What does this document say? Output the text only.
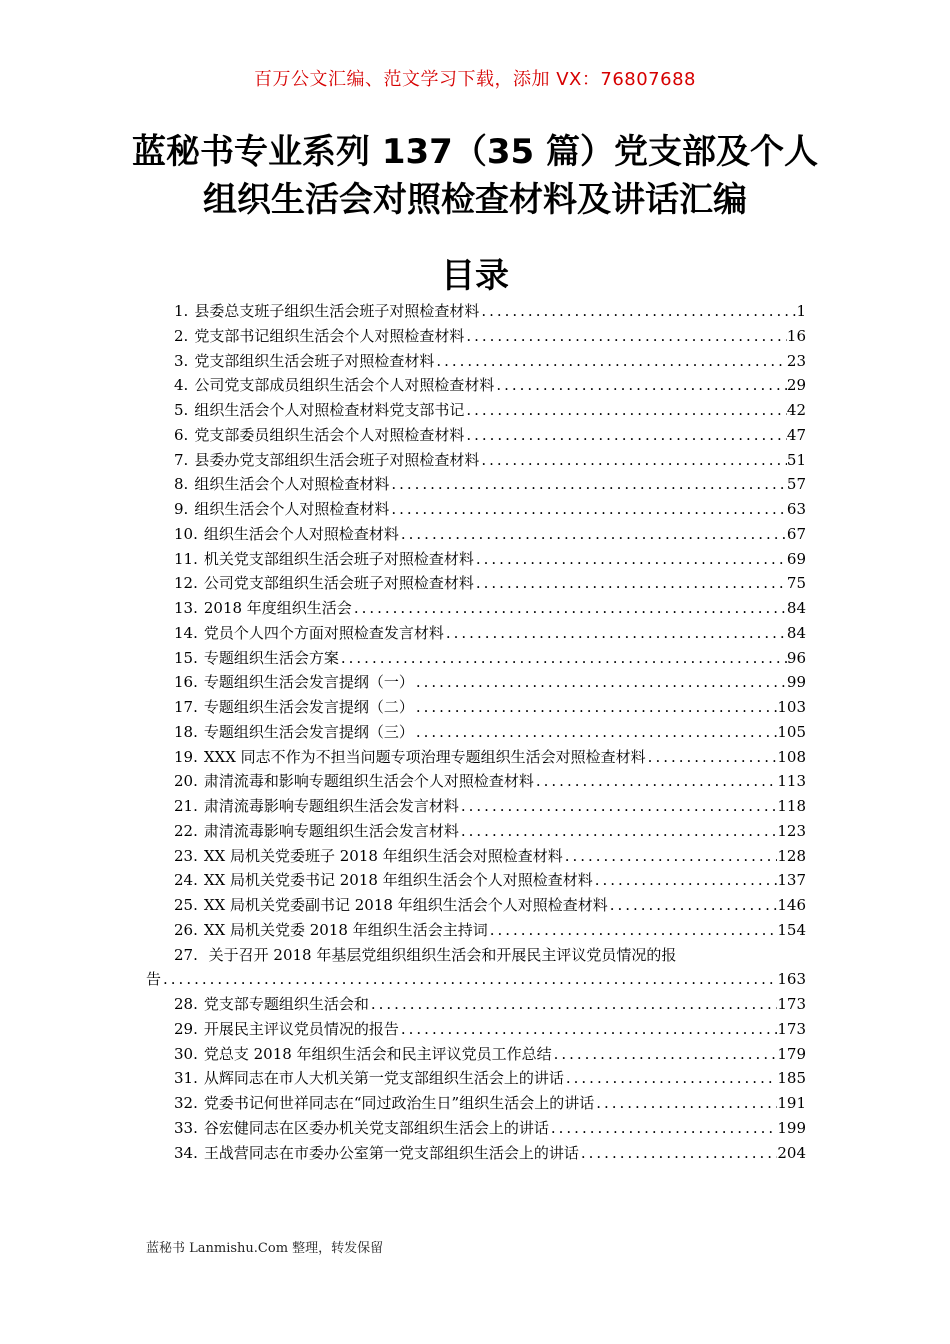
百万公文汇编、范文学习下载，添加 VX：76807688
蓝秘书专业系列 137（35 篇）党支部及个人组织生活会对照检查材料及讲话汇编
目录
1. 县委总支班子组织生活会班子对照检查材料 .....	1
2. 党支部书记组织生活会个人对照检查材料 .....	16
3. 党支部组织生活会班子对照检查材料 .....	23
4. 公司党支部成员组织生活会个人对照检查材料 .....	29
5. 组织生活会个人对照检查材料党支部书记 .....	42
6. 党支部委员组织生活会个人对照检查材料 .....	47
7. 县委办党支部组织生活会班子对照检查材料 .....	51
8. 组织生活会个人对照检查材料 .....	57
9. 组织生活会个人对照检查材料 .....	63
10. 组织生活会个人对照检查材料 .....	67
11. 机关党支部组织生活会班子对照检查材料 .....	69
12. 公司党支部组织生活会班子对照检查材料 .....	75
13. 2018 年度组织生活会 .....	84
14. 党员个人四个方面对照检查发言材料 .....	84
15. 专题组织生活会方案 .....	96
16. 专题组织生活会发言提纲（一） .....	99
17. 专题组织生活会发言提纲（二） .....	103
18. 专题组织生活会发言提纲（三） .....	105
19. XXX 同志不作为不担当问题专项治理专题组织生活会对照检查材料 .....	108
20. 肃清流毒和影响专题组织生活会个人对照检查材料 .....	113
21. 肃清流毒影响专题组织生活会发言材料 .....	118
22. 肃清流毒影响专题组织生活会发言材料 .....	123
23. XX 局机关党委班子 2018 年组织生活会对照检查材料 .....	128
24. XX 局机关党委书记 2018 年组织生活会个人对照检查材料 .....	137
25. XX 局机关党委副书记 2018 年组织生活会个人对照检查材料 .....	146
26. XX 局机关党委 2018 年组织生活会主持词 .....	154
27. 关于召开 2018 年基层党组织组织生活会和开展民主评议党员情况的报
告 .....	163
28. 党支部专题组织生活会和 .....	173
29. 开展民主评议党员情况的报告 .....	173
30. 党总支 2018 年组织生活会和民主评议党员工作总结 .....	179
31. 从辉同志在市人大机关第一党支部组织生活会上的讲话 .....	185
32. 党委书记何世祥同志在“同过政治生日”组织生活会上的讲话 .....	191
33. 谷宏健同志在区委办机关党支部组织生活会上的讲话 .....	199
34. 王战营同志在市委办公室第一党支部组织生活会上的讲话 .....	204
蓝秘书 Lanmishu.Com 整理，转发保留
